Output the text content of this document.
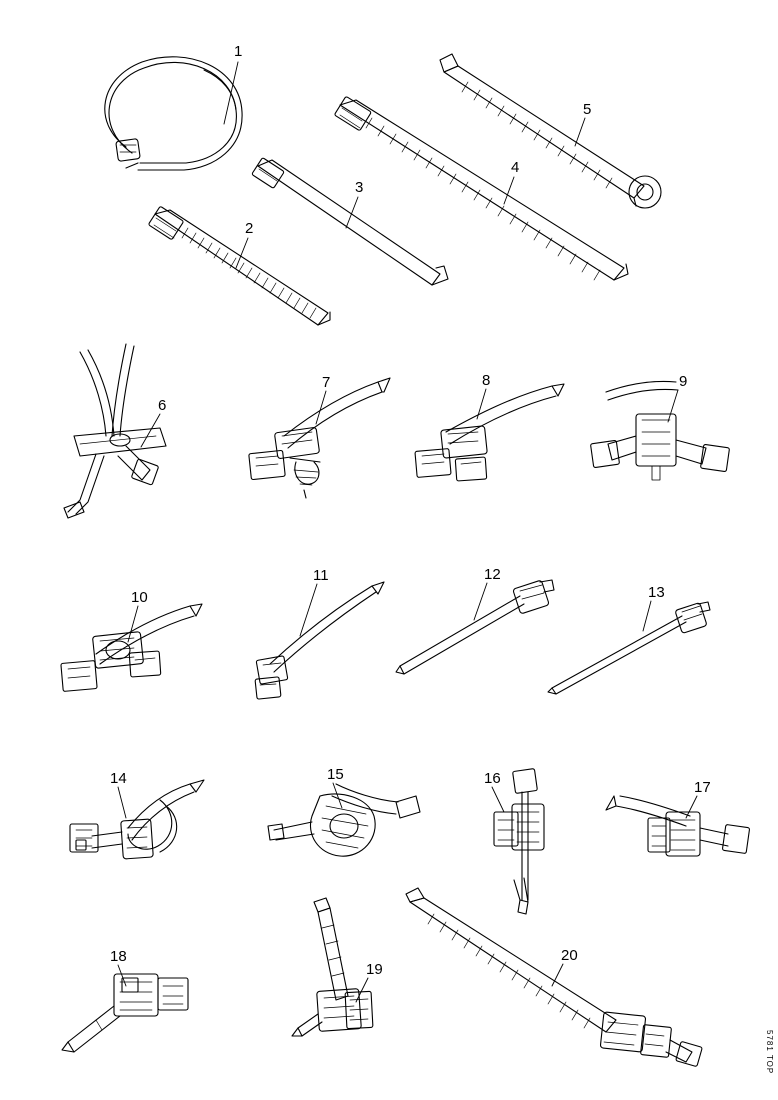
1
2
3
4
5
6
7	8	9
10
11	12
13
14	15	16
17
18
19
20
5781 TOP
